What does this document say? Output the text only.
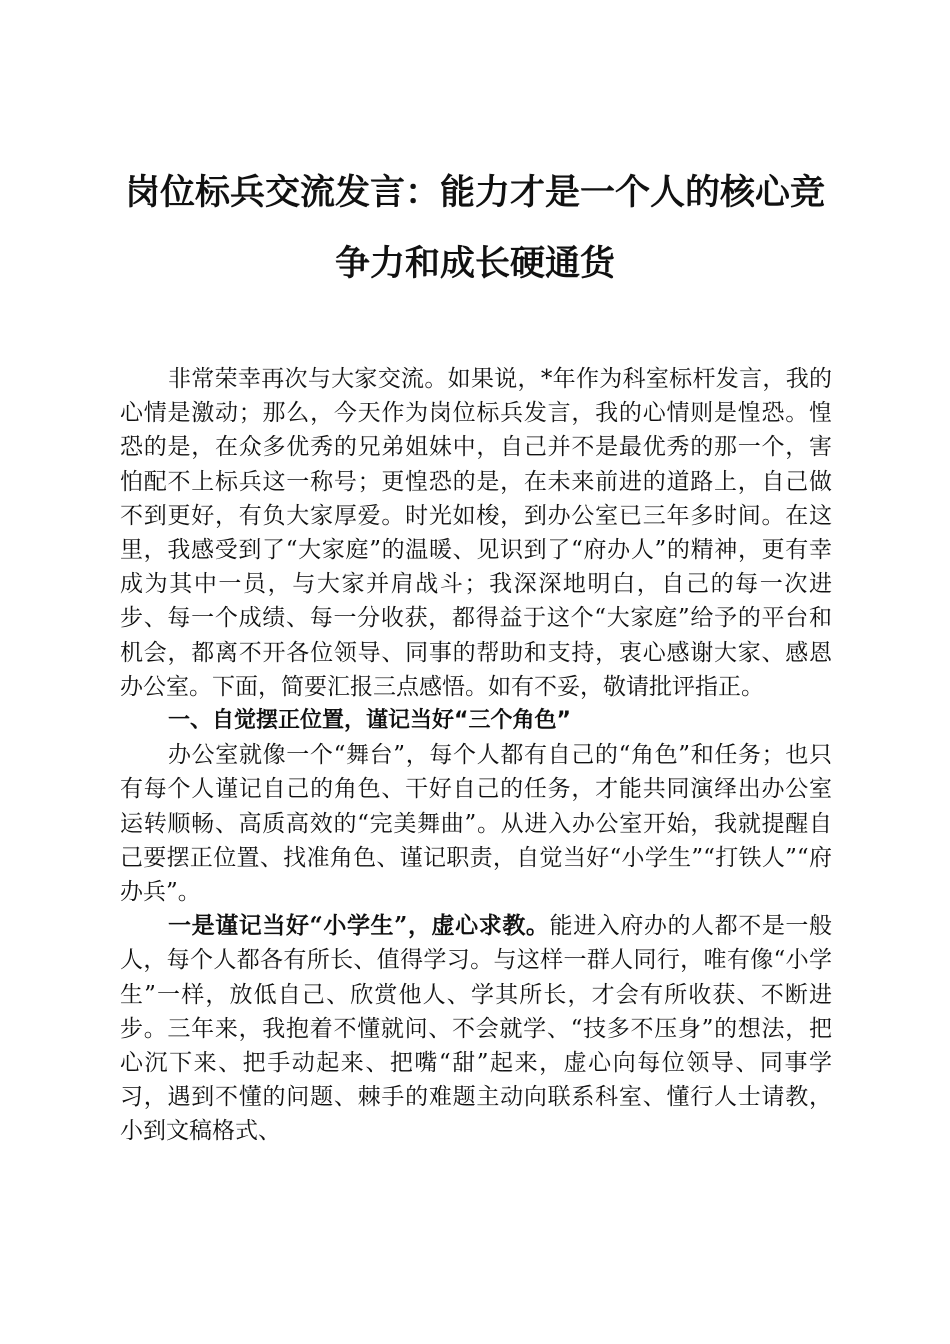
岗位标兵交流发言：能力才是一个人的核心竞
争力和成长硬通货

非常荣幸再次与大家交流。如果说，*年作为科室标杆发言，我的心情是激动；那么，今天作为岗位标兵发言，我的心情则是惶恐。惶恐的是，在众多优秀的兄弟姐妹中，自己并不是最优秀的那一个，害怕配不上标兵这一称号；更惶恐的是，在未来前进的道路上，自己做不到更好，有负大家厚爱。时光如梭，到办公室已三年多时间。在这里，我感受到了“大家庭”的温暖、见识到了“府办人”的精神，更有幸成为其中一员，与大家并肩战斗；我深深地明白，自己的每一次进步、每一个成绩、每一分收获，都得益于这个“大家庭”给予的平台和机会，都离不开各位领导、同事的帮助和支持，衷心感谢大家、感恩办公室。下面，简要汇报三点感悟。如有不妥，敬请批评指正。

一、自觉摆正位置，谨记当好“三个角色”

办公室就像一个“舞台”，每个人都有自己的“角色”和任务；也只有每个人谨记自己的角色、干好自己的任务，才能共同演绎出办公室运转顺畅、高质高效的“完美舞曲”。从进入办公室开始，我就提醒自己要摆正位置、找准角色、谨记职责，自觉当好“小学生”“打铁人”“府办兵”。

一是谨记当好“小学生”，虚心求教。能进入府办的人都不是一般人，每个人都各有所长、值得学习。与这样一群人同行，唯有像“小学生”一样，放低自己、欣赏他人、学其所长，才会有所收获、不断进步。三年来，我抱着不懂就问、不会就学、“技多不压身”的想法，把心沉下来、把手动起来、把嘴“甜”起来，虚心向每位领导、同事学习，遇到不懂的问题、棘手的难题主动向联系科室、懂行人士请教，小到文稿格式、
